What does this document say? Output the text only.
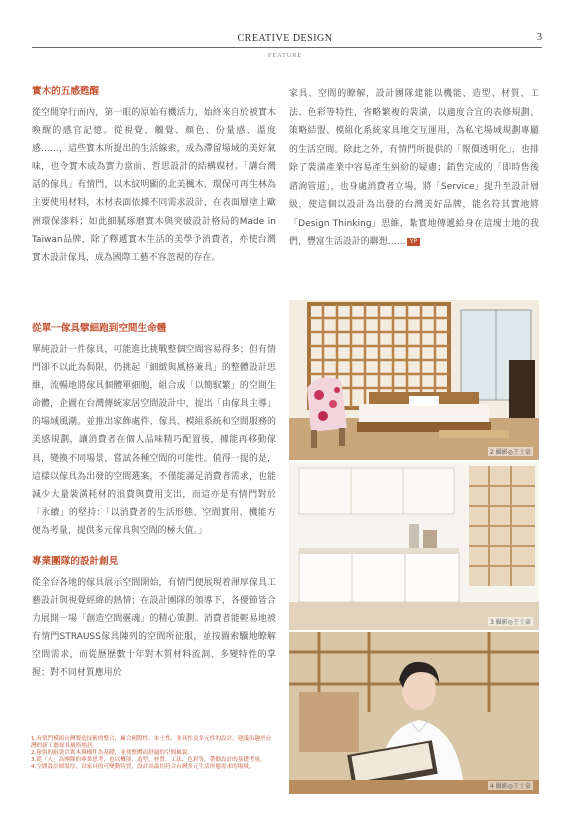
CREATIVE DESIGN	3
FEATURE
實木的五感甦醒

從空間穿行而內，第一眼的原始有機活力，始終來自於被實木喚醒的感官記憶。從視覺、觸覺、顏色、份量感、溫度感……，這些實木所提出的生活線索，成為滯留場域的美好氣味，也令實木成為實力當前、哲思設計的結構媒材。「講台灣話的傢具」有情門，以木紋明顯的北美楓木、環保可再生林為主要使用材料，木材表面依據不同需求設計，在表面層塗上歐洲環保漆料；如此細膩琢磨實木與突破設計格局的Made in Taiwan品牌，除了釋遞實木生活的美學予消費者，亦使台灣實木設計傢具，成為國際工藝不容忽視的存在。

家具、空間的瞭解，設計團隊建能以機能、造型、材質、工法、色彩等特性，省略繁複的裝潢，以適度合宜的表修規劃、策略結盟、模組化系統家具地交互運用，為私宅場域規劃專屬的生活空間。除此之外，有情門所提供的「報價透明化」，也排除了裝潢產業中容易產生糾紛的疑慮；銷售完成的「即時售後諮詢管道」，也身處消費者立場，將「Service」提升至設計層級，使這個以設計為出發的台灣美好品牌，能名符其實地將「Design Thinking」思維，紮實地傳遞給身在這塊土地的我們，豐富生活設計的聯想…… YP

從單一傢具擘細跑到空間生命體

單純設計一件傢具，可能進比挑戰整個空間容易得多；但有情門卻不以此為侷限，仍挑起「細緻與風格兼具」的整體設計思維，流暢地將傢具個體單細胞，組合成「以簡馭繁」的空間生命體，企圖在台灣傳統家居空間設計中，提出「由傢具主導」的場域風潮。並推出家飾處件、傢具、模組系統和空間服務的美感規劃，讓消費者在個人品味精巧配置後，據能再移動傢具，變換不同場景，嘗試各種空間的可能性。值得一提的是，這樣以傢具為出發的空間選案，不僅能滿足消費者需求，也能減少大量裝潢耗材的浪費與費用支出，而這亦是有情門對於「永續」的堅持：「以消費者的生活形態、空間實用、機能方便為考量，提供多元傢具與空間的極大值。」

專業團隊的設計創見

從全台各地的傢具展示空間開始，有情門便展現着渾厚傢具工藝設計與視覺經緯的熱情；在設計團隊的領導下，各優節皆合力展開一場「創造空間靈魂」的精心策劃。消費者能輕易地被有情門STRAUSS傢具陳列的空間所征服，並按圖索驥地瞭解空間需求，而從歷歷數十年對木質材料流洞、多變特性的掌握；對不同材質應用於

1.有情門模組台灣製造技術的整合，廠合國際性、本土性，並具性及多元性的設計，建議出趣於台灣的新工藝傢具風格地居。
2.傢俱的組裝以實木與構件為基礎，並使整體而舒適的空間風貌。
3.從「人」為團隊的專業思考，也以機能、造型、材質、工法、色彩等，帶動設計的基礎考量。
4.空間設計師溫厚，以家具的可變動特質，設計出最切符合台灣多元生活形態需求的場域。
2 攝影◎王士豪
3 攝影◎王士豪
4 攝影◎王士豪
